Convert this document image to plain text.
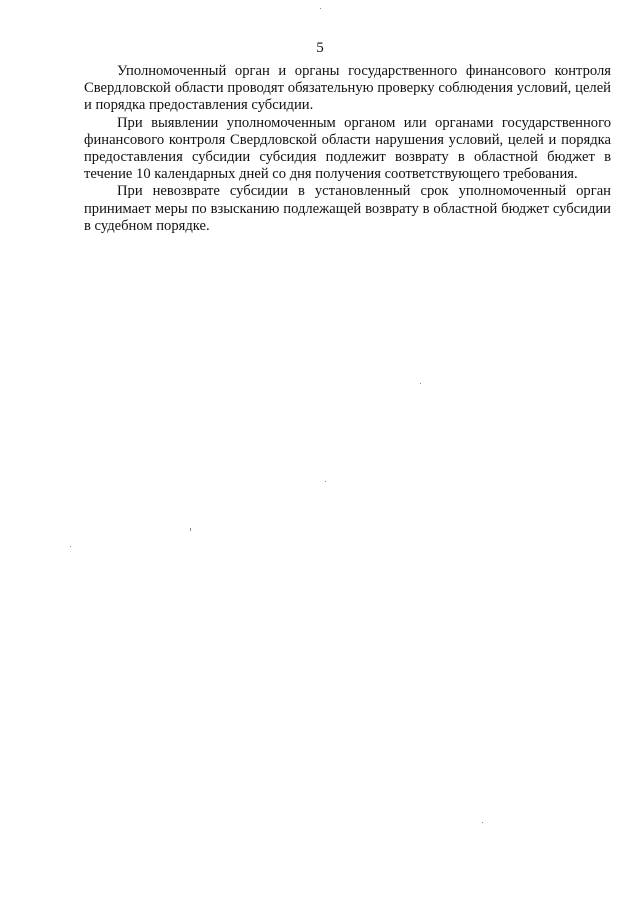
5

Уполномоченный орган и органы государственного финансового контроля Свердловской области проводят обязательную проверку соблюдения условий, целей и порядка предоставления субсидии.

При выявлении уполномоченным органом или органами государственного финансового контроля Свердловской области нарушения условий, целей и порядка предоставления субсидии субсидия подлежит возврату в областной бюджет в течение 10 календарных дней со дня получения соответствующего требования.

При невозврате субсидии в установленный срок уполномоченный орган принимает меры по взысканию подлежащей возврату в областной бюджет субсидии в судебном порядке.
